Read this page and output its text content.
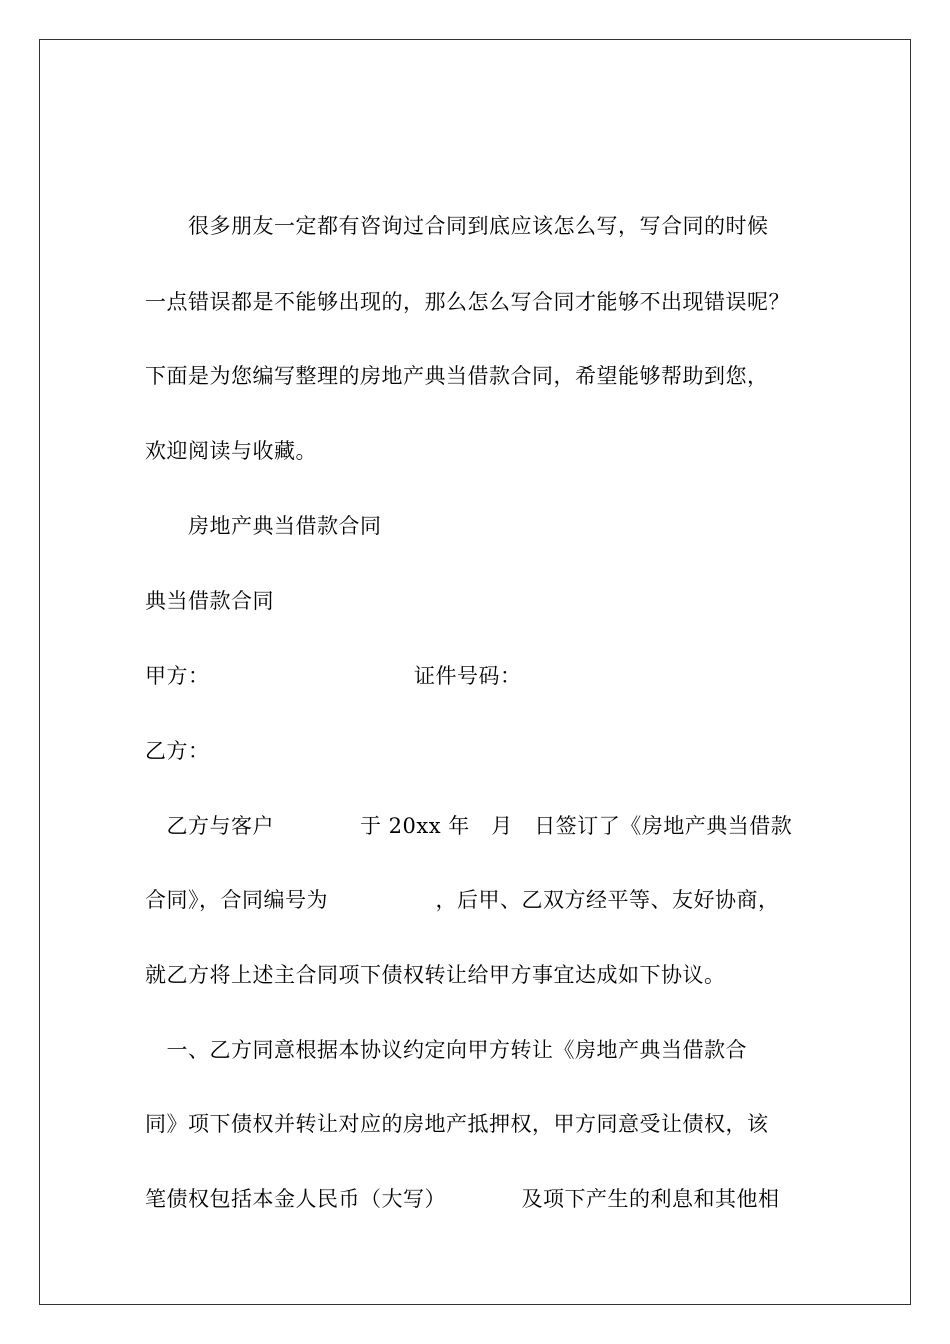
　　很多朋友一定都有咨询过合同到底应该怎么写，写合同的时候
一点错误都是不能够出现的，那么怎么写合同才能够不出现错误呢？
下面是为您编写整理的房地产典当借款合同，希望能够帮助到您，
欢迎阅读与收藏。
　　房地产典当借款合同
典当借款合同
甲方：　　　　　　　　　　证件号码：
乙方：
　乙方与客户　　　　于 20xx 年　月　日签订了《房地产典当借款
合同》，合同编号为　　　　　，后甲、乙双方经平等、友好协商，
就乙方将上述主合同项下债权转让给甲方事宜达成如下协议。
　一、乙方同意根据本协议约定向甲方转让《房地产典当借款合
同》项下债权并转让对应的房地产抵押权，甲方同意受让债权，该
笔债权包括本金人民币（大写）　　　　及项下产生的利息和其他相
